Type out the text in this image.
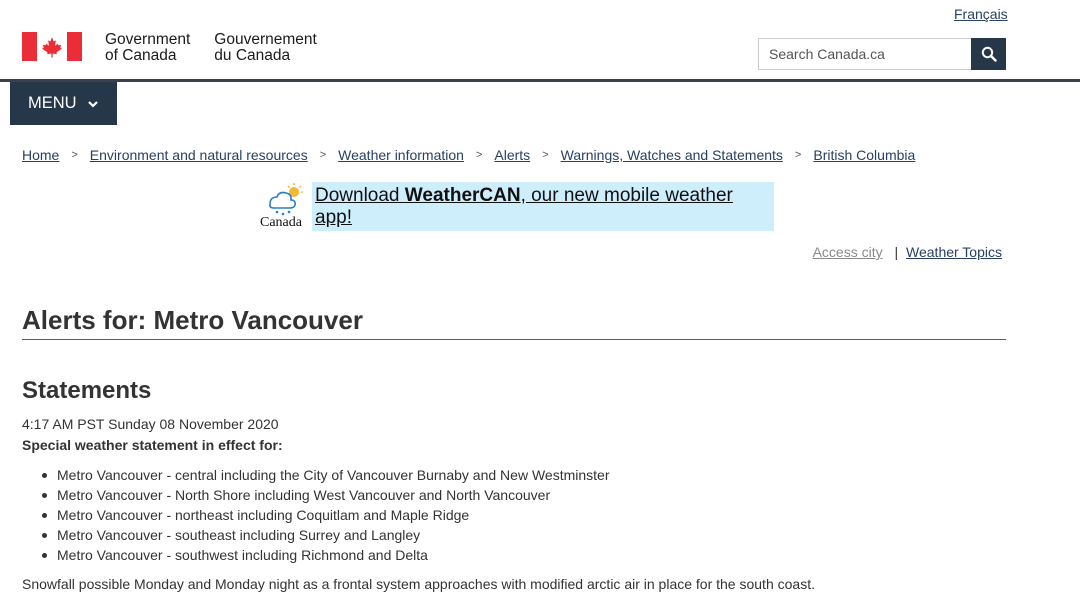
Français
Government
of Canada
Gouvernement
du Canada
Search Canada.ca
MENU
Home > Environment and natural resources > Weather information > Alerts > Warnings, Watches and Statements > British Columbia
Canada
Download WeatherCAN, our new mobile weather app!
Access city | Weather Topics
Alerts for: Metro Vancouver
Statements
4:17 AM PST Sunday 08 November 2020
Special weather statement in effect for:
Metro Vancouver - central including the City of Vancouver Burnaby and New Westminster
Metro Vancouver - North Shore including West Vancouver and North Vancouver
Metro Vancouver - northeast including Coquitlam and Maple Ridge
Metro Vancouver - southeast including Surrey and Langley
Metro Vancouver - southwest including Richmond and Delta

Snowfall possible Monday and Monday night as a frontal system approaches with modified arctic air in place for the south coast.
